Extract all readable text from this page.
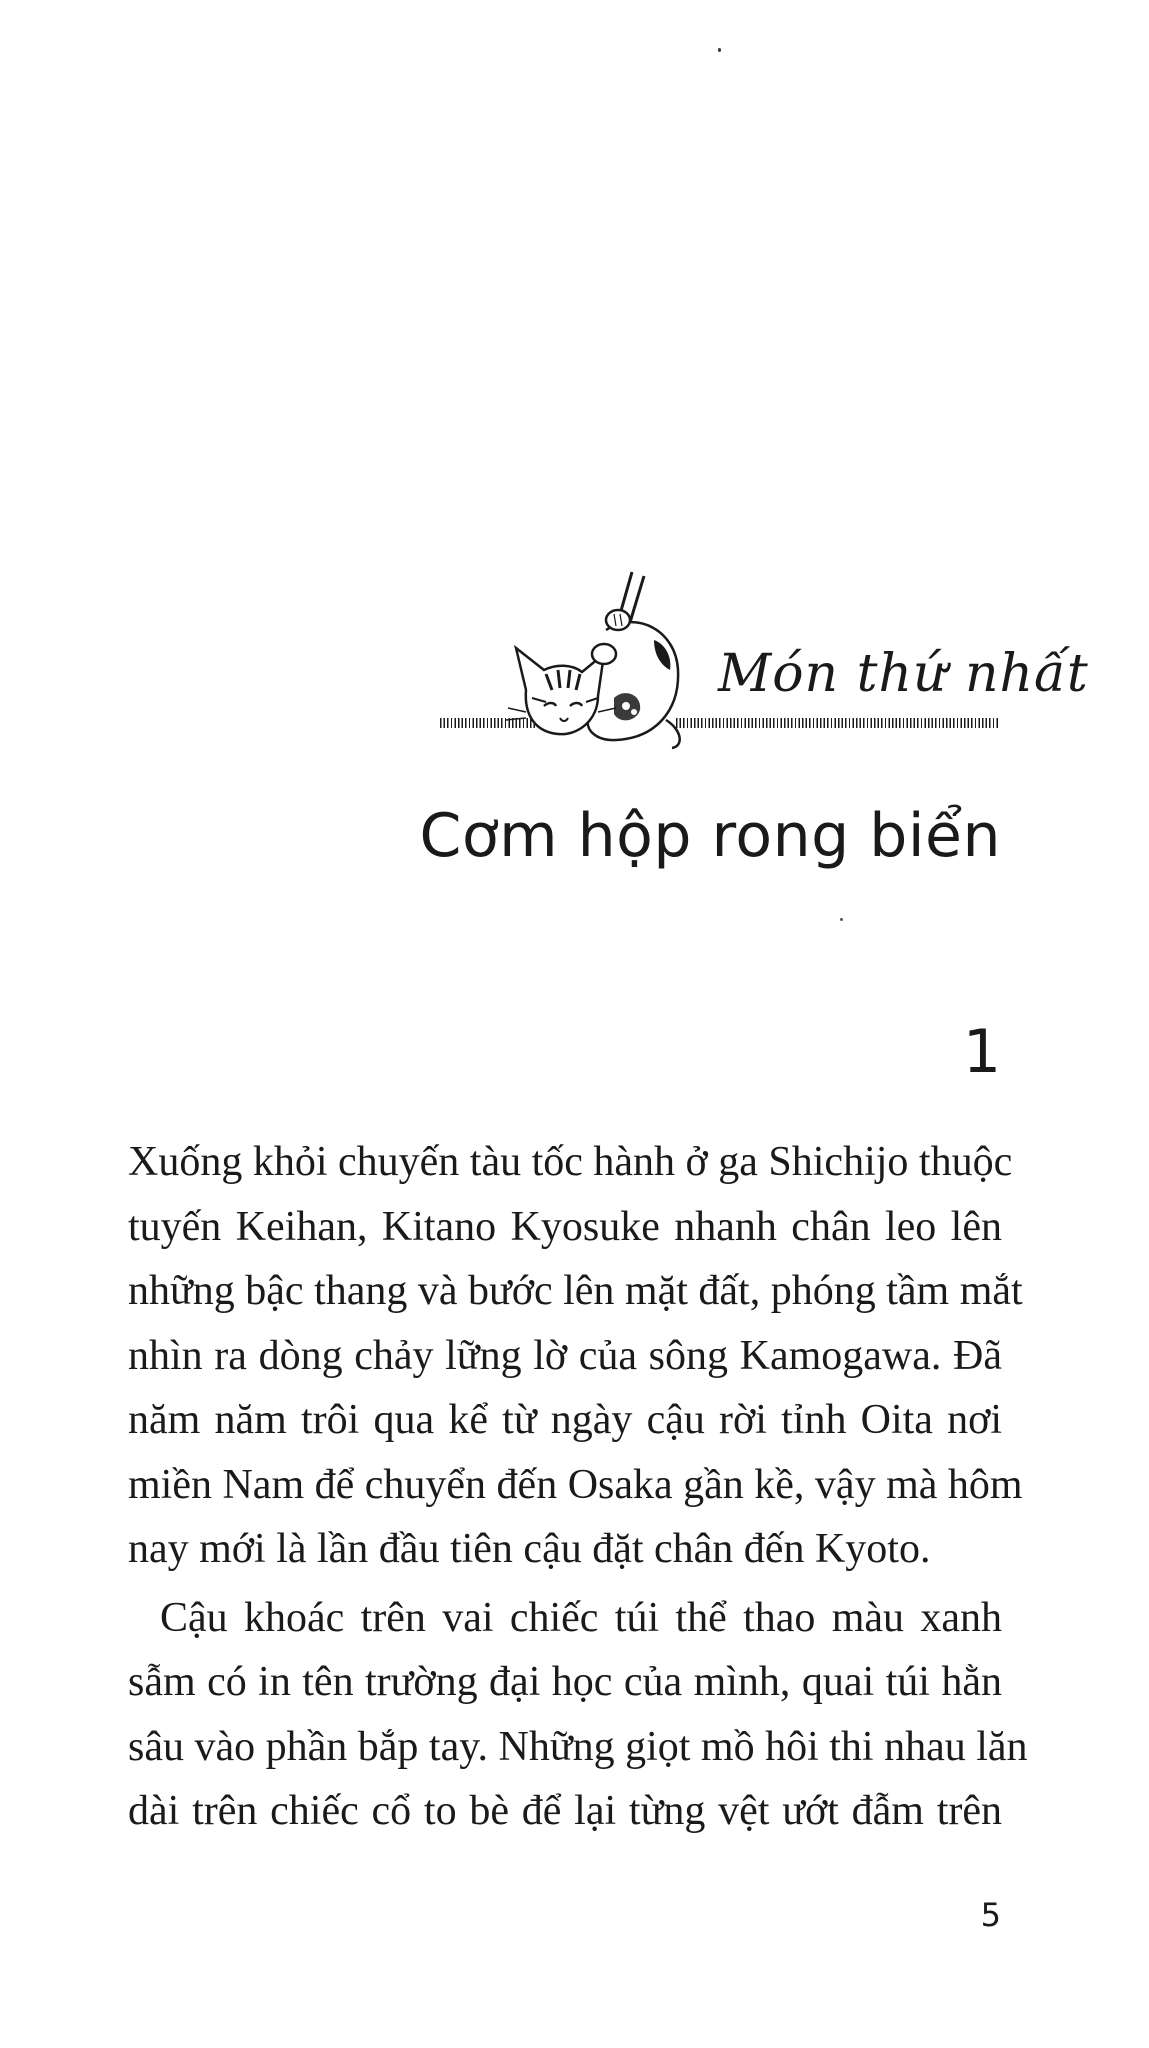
Món thứ nhất
Cơm hộp rong biển
1

Xuống khỏi chuyến tàu tốc hành ở ga Shichijo thuộc
tuyến Keihan, Kitano Kyosuke nhanh chân leo lên
những bậc thang và bước lên mặt đất, phóng tầm mắt
nhìn ra dòng chảy lững lờ của sông Kamogawa. Đã
năm năm trôi qua kể từ ngày cậu rời tỉnh Oita nơi
miền Nam để chuyển đến Osaka gần kề, vậy mà hôm
nay mới là lần đầu tiên cậu đặt chân đến Kyoto.

Cậu khoác trên vai chiếc túi thể thao màu xanh
sẫm có in tên trường đại học của mình, quai túi hằn
sâu vào phần bắp tay. Những giọt mồ hôi thi nhau lăn
dài trên chiếc cổ to bè để lại từng vệt ướt đẫm trên

5
